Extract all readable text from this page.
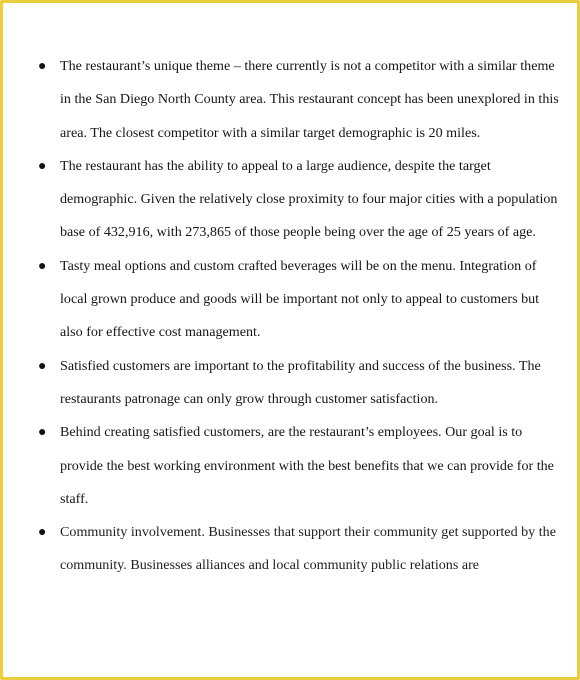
● The restaurant’s unique theme – there currently is not a competitor with a similar theme in the San Diego North County area. This restaurant concept has been unexplored in this area. The closest competitor with a similar target demographic is 20 miles.
● The restaurant has the ability to appeal to a large audience, despite the target demographic. Given the relatively close proximity to four major cities with a population base of 432,916, with 273,865 of those people being over the age of 25 years of age.
● Tasty meal options and custom crafted beverages will be on the menu. Integration of local grown produce and goods will be important not only to appeal to customers but also for effective cost management.
● Satisfied customers are important to the profitability and success of the business. The restaurants patronage can only grow through customer satisfaction.
● Behind creating satisfied customers, are the restaurant’s employees. Our goal is to provide the best working environment with the best benefits that we can provide for the staff.
● Community involvement. Businesses that support their community get supported by the community. Businesses alliances and local community public relations are
